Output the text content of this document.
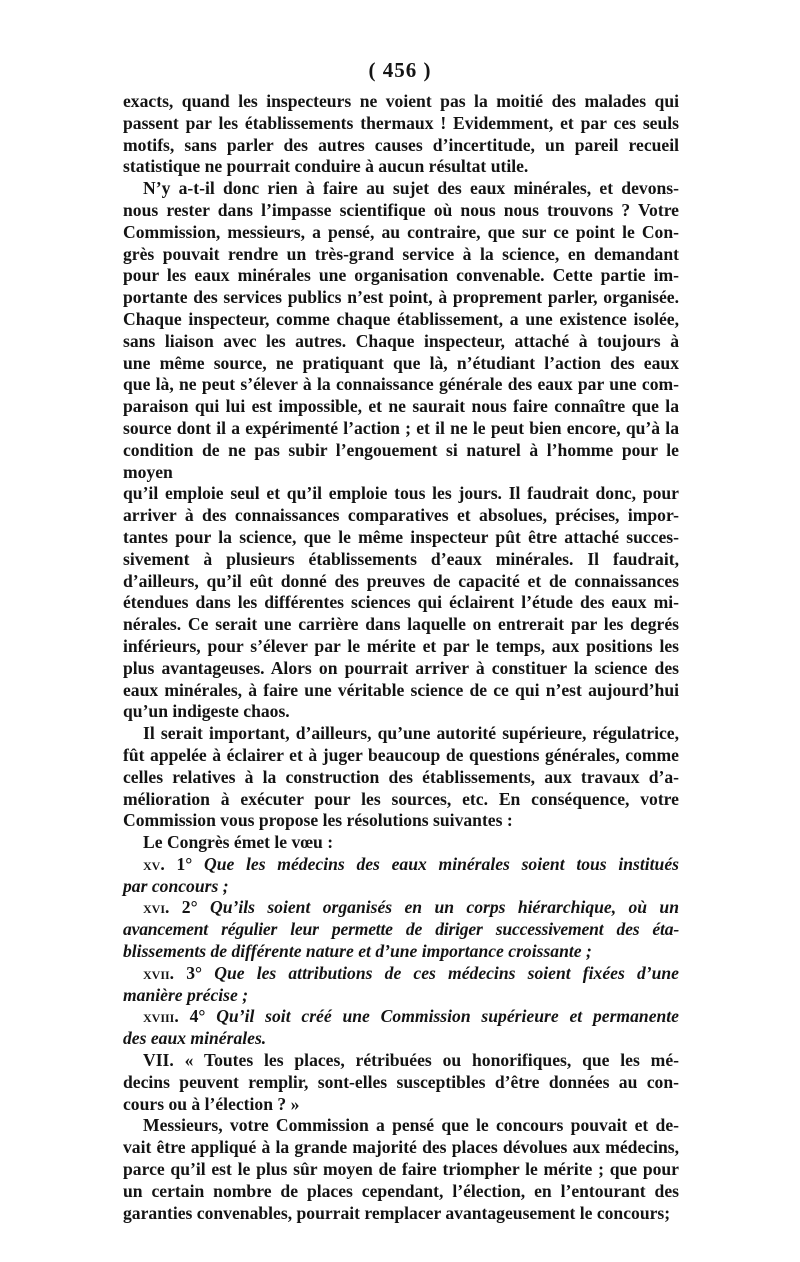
( 456 )

exacts, quand les inspecteurs ne voient pas la moitié des malades qui

passent par les établissements thermaux ! Evidemment, et par ces seuls

motifs, sans parler des autres causes d’incertitude, un pareil recueil

statistique ne pourrait conduire à aucun résultat utile.

N’y a-t-il donc rien à faire au sujet des eaux minérales, et devons-

nous rester dans l’impasse scientifique où nous nous trouvons ? Votre

Commission, messieurs, a pensé, au contraire, que sur ce point le Con-

grès pouvait rendre un très-grand service à la science, en demandant

pour les eaux minérales une organisation convenable. Cette partie im-

portante des services publics n’est point, à proprement parler, organisée.

Chaque inspecteur, comme chaque établissement, a une existence isolée,

sans liaison avec les autres. Chaque inspecteur, attaché à toujours à

une même source, ne pratiquant que là, n’étudiant l’action des eaux

que là, ne peut s’élever à la connaissance générale des eaux par une com-

paraison qui lui est impossible, et ne saurait nous faire connaître que la

source dont il a expérimenté l’action ; et il ne le peut bien encore, qu’à la

condition de ne pas subir l’engouement si naturel à l’homme pour le moyen

qu’il emploie seul et qu’il emploie tous les jours. Il faudrait donc, pour

arriver à des connaissances comparatives et absolues, précises, impor-

tantes pour la science, que le même inspecteur pût être attaché succes-

sivement à plusieurs établissements d’eaux minérales. Il faudrait,

d’ailleurs, qu’il eût donné des preuves de capacité et de connaissances

étendues dans les différentes sciences qui éclairent l’étude des eaux mi-

nérales. Ce serait une carrière dans laquelle on entrerait par les degrés

inférieurs, pour s’élever par le mérite et par le temps, aux positions les

plus avantageuses. Alors on pourrait arriver à constituer la science des

eaux minérales, à faire une véritable science de ce qui n’est aujourd’hui

qu’un indigeste chaos.

Il serait important, d’ailleurs, qu’une autorité supérieure, régulatrice,

fût appelée à éclairer et à juger beaucoup de questions générales, comme

celles relatives à la construction des établissements, aux travaux d’a-

mélioration à exécuter pour les sources, etc. En conséquence, votre

Commission vous propose les résolutions suivantes :

Le Congrès émet le vœu :

xv. 1° Que les médecins des eaux minérales soient tous institués

par concours ;

xvi. 2° Qu’ils soient organisés en un corps hiérarchique, où un

avancement régulier leur permette de diriger successivement des éta-

blissements de différente nature et d’une importance croissante ;

xvii. 3° Que les attributions de ces médecins soient fixées d’une

manière précise ;

xviii. 4° Qu’il soit créé une Commission supérieure et permanente

des eaux minérales.

VII. « Toutes les places, rétribuées ou honorifiques, que les mé-

decins peuvent remplir, sont-elles susceptibles d’être données au con-

cours ou à l’élection ? »

Messieurs, votre Commission a pensé que le concours pouvait et de-

vait être appliqué à la grande majorité des places dévolues aux médecins,

parce qu’il est le plus sûr moyen de faire triompher le mérite ; que pour

un certain nombre de places cependant, l’élection, en l’entourant des

garanties convenables, pourrait remplacer avantageusement le concours;
